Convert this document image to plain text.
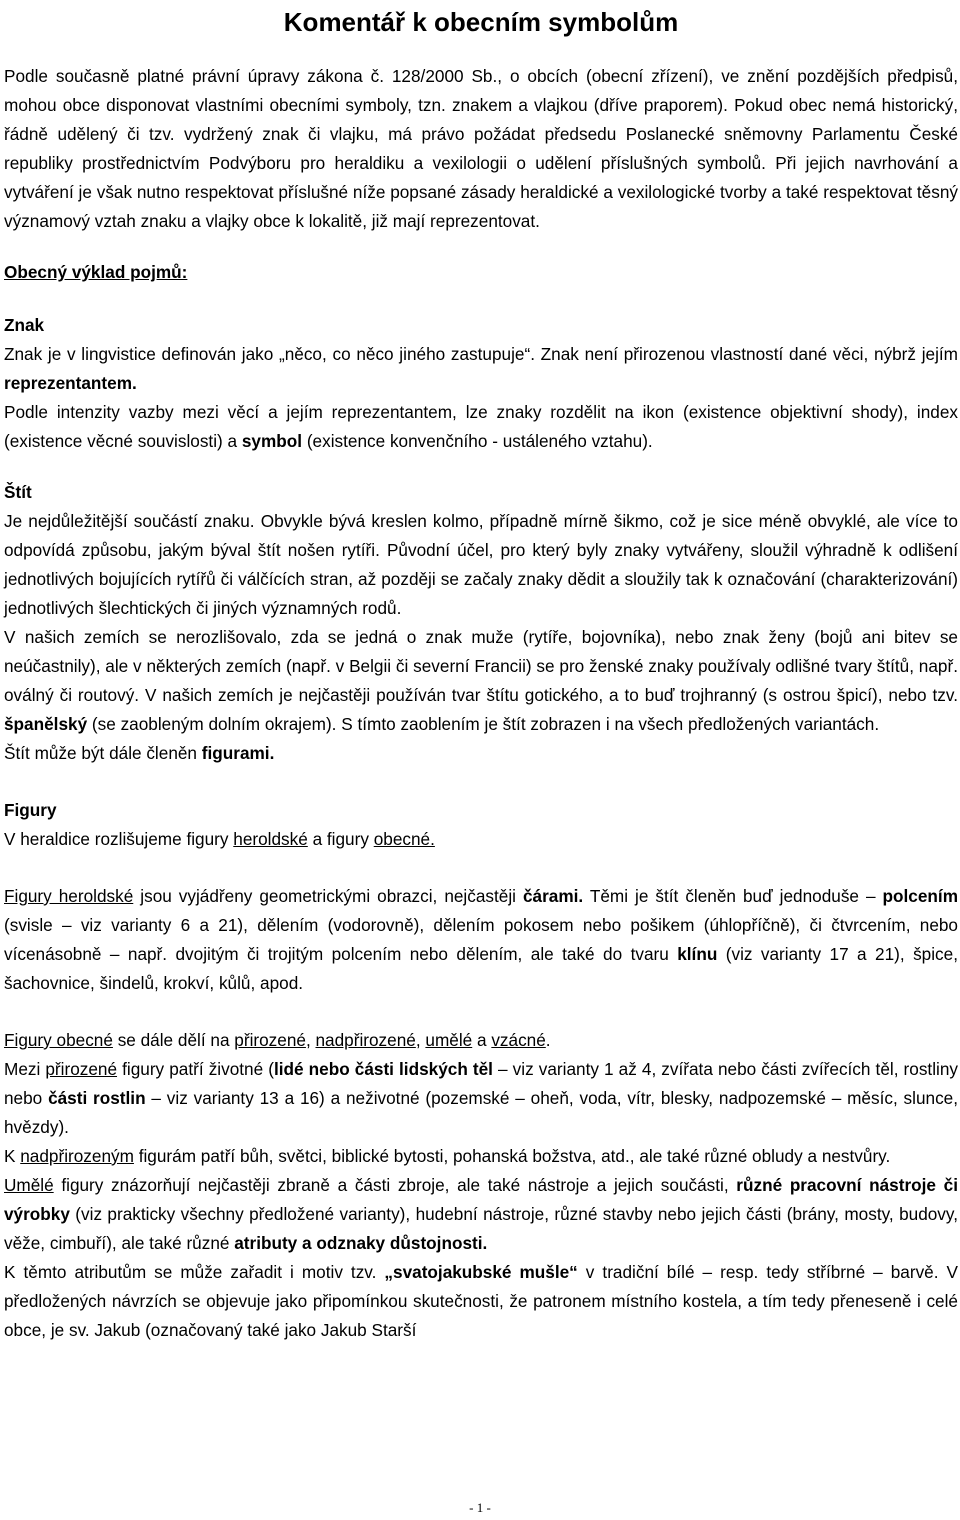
Komentář k obecním symbolům

Podle současně platné právní úpravy zákona č. 128/2000 Sb., o obcích (obecní zřízení), ve znění pozdějších předpisů, mohou obce disponovat vlastními obecními symboly, tzn. znakem a vlajkou (dříve praporem). Pokud obec nemá historický, řádně udělený či tzv. vydržený znak či vlajku, má právo požádat předsedu Poslanecké sněmovny Parlamentu České republiky prostřednictvím Podvýboru pro heraldiku a vexilologii o udělení příslušných symbolů. Při jejich navrhování a vytváření je však nutno respektovat příslušné níže popsané zásady heraldické a vexilologické tvorby a také respektovat těsný významový vztah znaku a vlajky obce k lokalitě, již mají reprezentovat.

Obecný výklad pojmů:

Znak

Znak je v lingvistice definován jako „něco, co něco jiného zastupuje“. Znak není přirozenou vlastností dané věci, nýbrž jejím reprezentantem.

Podle intenzity vazby mezi věcí a jejím reprezentantem, lze znaky rozdělit na ikon (existence objektivní shody), index (existence věcné souvislosti) a symbol (existence konvenčního - ustáleného vztahu).

Štít

Je nejdůležitější součástí znaku. Obvykle bývá kreslen kolmo, případně mírně šikmo, což je sice méně obvyklé, ale více to odpovídá způsobu, jakým býval štít nošen rytíři. Původní účel, pro který byly znaky vytvářeny, sloužil výhradně k odlišení jednotlivých bojujících rytířů či válčících stran, až později se začaly znaky dědit a sloužily tak k označování (charakterizování) jednotlivých šlechtických či jiných významných rodů.

V našich zemích se nerozlišovalo, zda se jedná o znak muže (rytíře, bojovníka), nebo znak ženy (bojů ani bitev se neúčastnily), ale v některých zemích (např. v Belgii či severní Francii) se pro ženské znaky používaly odlišné tvary štítů, např. oválný či routový. V našich zemích je nejčastěji používán tvar štítu gotického, a to buď trojhranný (s ostrou špicí), nebo tzv. španělský (se zaobleným dolním okrajem). S tímto zaoblením je štít zobrazen i na všech předložených variantách.

Štít může být dále členěn figurami.

Figury

V heraldice rozlišujeme figury heroldské a figury obecné.

Figury heroldské jsou vyjádřeny geometrickými obrazci, nejčastěji čárami. Těmi je štít členěn buď jednoduše – polcením (svisle – viz varianty 6 a 21), dělením (vodorovně), dělením pokosem nebo pošikem (úhlopříčně), či čtvrcením, nebo vícenásobně – např. dvojitým či trojitým polcením nebo dělením, ale také do tvaru klínu (viz varianty 17 a 21), špice, šachovnice, šindelů, krokví, kůlů, apod.

Figury obecné se dále dělí na přirozené, nadpřirozené, umělé a vzácné.

Mezi přirozené figury patří životné (lidé nebo části lidských těl – viz varianty 1 až 4, zvířata nebo části zvířecích těl, rostliny nebo části rostlin – viz varianty 13 a 16) a neživotné (pozemské – oheň, voda, vítr, blesky, nadpozemské – měsíc, slunce, hvězdy).

K nadpřirozeným figurám patří bůh, světci, biblické bytosti, pohanská božstva, atd., ale také různé obludy a nestvůry.

Umělé figury znázorňují nejčastěji zbraně a části zbroje, ale také nástroje a jejich součásti, různé pracovní nástroje či výrobky (viz prakticky všechny předložené varianty), hudební nástroje, různé stavby nebo jejich části (brány, mosty, budovy, věže, cimbuří), ale také různé atributy a odznaky důstojnosti.

K těmto atributům se může zařadit i motiv tzv. „svatojakubské mušle“ v tradiční bílé – resp. tedy stříbrné – barvě. V předložených návrzích se objevuje jako připomínkou skutečnosti, že patronem místního kostela, a tím tedy přeneseně i celé obce, je sv. Jakub (označovaný také jako Jakub Starší

- 1 -
